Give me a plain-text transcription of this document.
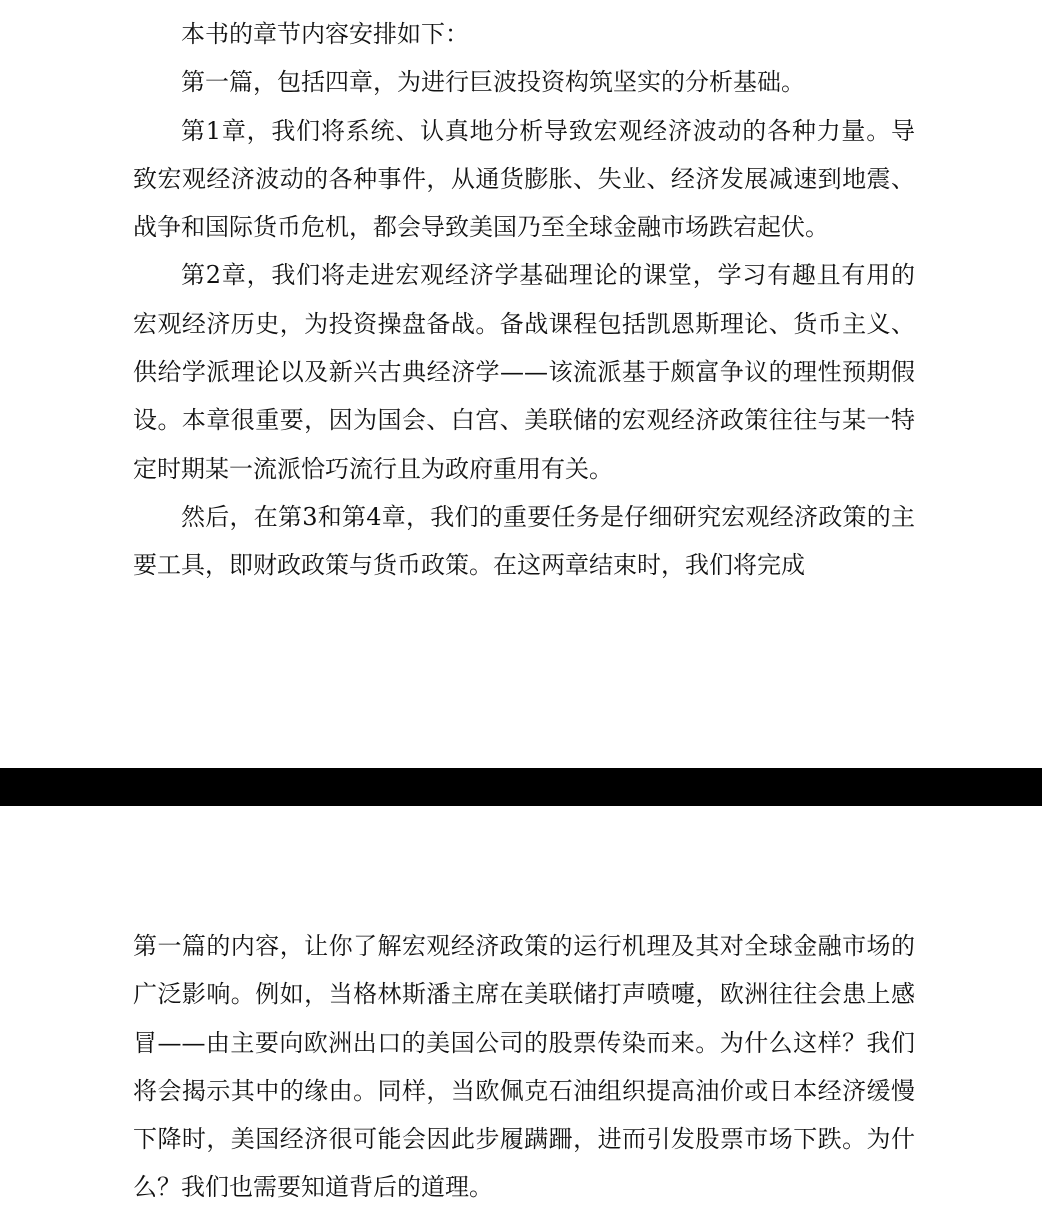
本书的章节内容安排如下：

第一篇，包括四章，为进行巨波投资构筑坚实的分析基础。

第1章，我们将系统、认真地分析导致宏观经济波动的各种力量。导致宏观经济波动的各种事件，从通货膨胀、失业、经济发展减速到地震、战争和国际货币危机，都会导致美国乃至全球金融市场跌宕起伏。

第2章，我们将走进宏观经济学基础理论的课堂，学习有趣且有用的宏观经济历史，为投资操盘备战。备战课程包括凯恩斯理论、货币主义、供给学派理论以及新兴古典经济学——该流派基于颇富争议的理性预期假设。本章很重要，因为国会、白宫、美联储的宏观经济政策往往与某一特定时期某一流派恰巧流行且为政府重用有关。

然后，在第3和第4章，我们的重要任务是仔细研究宏观经济政策的主要工具，即财政政策与货币政策。在这两章结束时，我们将完成

第一篇的内容，让你了解宏观经济政策的运行机理及其对全球金融市场的广泛影响。例如，当格林斯潘主席在美联储打声喷嚏，欧洲往往会患上感冒——由主要向欧洲出口的美国公司的股票传染而来。为什么这样？我们将会揭示其中的缘由。同样，当欧佩克石油组织提高油价或日本经济缓慢下降时，美国经济很可能会因此步履蹒跚，进而引发股票市场下跌。为什么？我们也需要知道背后的道理。
